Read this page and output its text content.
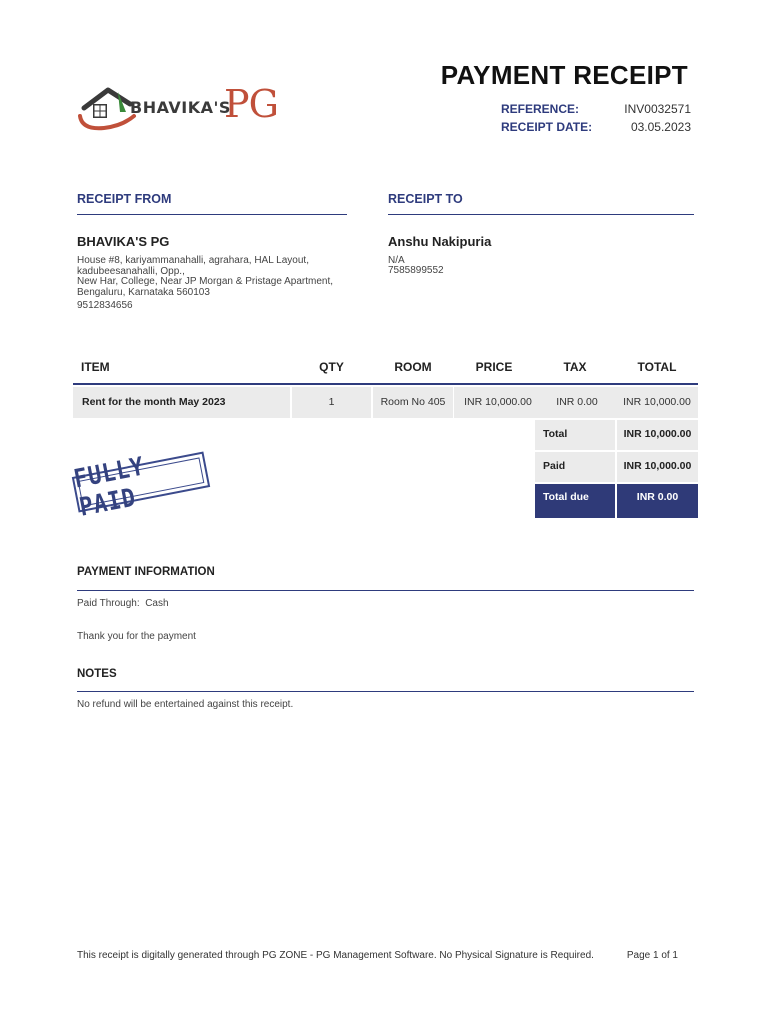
BHAVIKA'S
PG
PAYMENT RECEIPT
REFERENCE:	INV0032571
RECEIPT DATE:	03.05.2023
RECEIPT FROM
BHAVIKA'S PG
House #8, kariyammanahalli, agrahara, HAL Layout,
kadubeesanahalli, Opp.,
New Har, College, Near JP Morgan & Pristage Apartment,
Bengaluru, Karnataka 560103
9512834656
RECEIPT TO
Anshu Nakipuria
N/A
7585899552
ITEM	QTY	ROOM	PRICE	TAX	TOTAL
Rent for the month May 2023	1	Room No 405	INR 10,000.00	INR 0.00	INR 10,000.00
Total	INR 10,000.00
Paid	INR 10,000.00
Total due	INR 0.00
FULLY PAID
PAYMENT INFORMATION
Paid Through: Cash
Thank you for the payment
NOTES
No refund will be entertained against this receipt.
This receipt is digitally generated through PG ZONE - PG Management Software. No Physical Signature is Required.	Page 1 of 1
